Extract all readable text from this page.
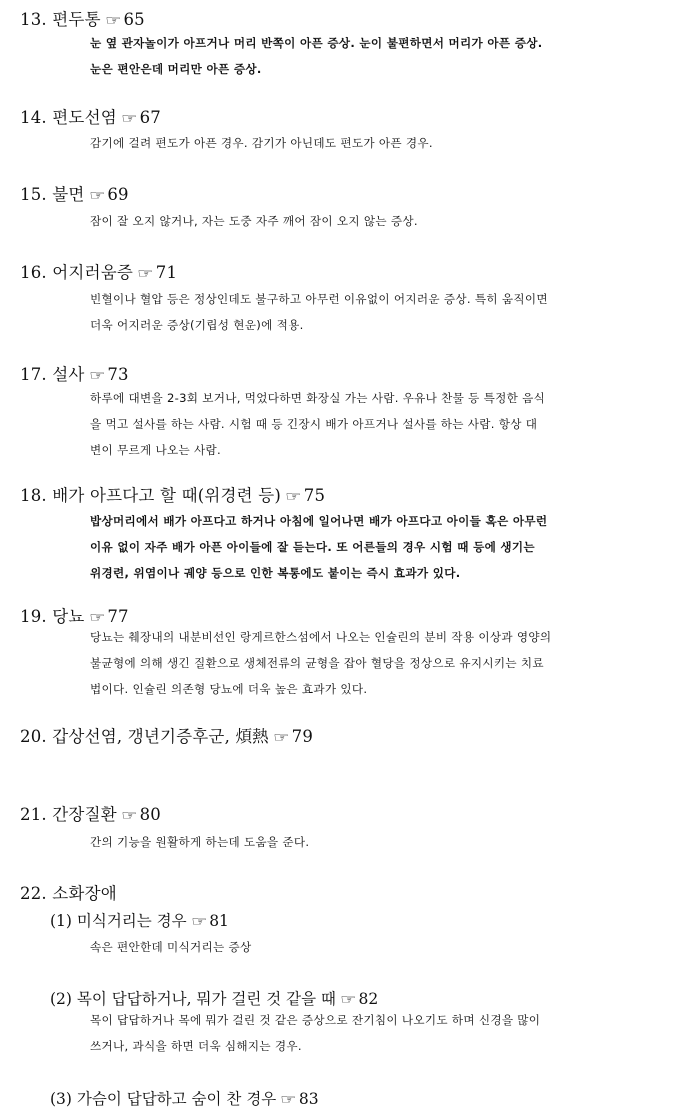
13. 편두통 ☞ 65
눈 옆 관자놀이가 아프거나 머리 반쪽이 아픈 증상. 눈이 불편하면서 머리가 아픈 증상.
눈은 편안은데 머리만 아픈 증상.
14. 편도선염 ☞ 67
감기에 걸려 편도가 아픈 경우. 감기가 아닌데도 편도가 아픈 경우.
15. 불면 ☞ 69
잠이 잘 오지 않거나, 자는 도중 자주 깨어 잠이 오지 않는 증상.
16. 어지러움증 ☞ 71
빈혈이나 혈압 등은 정상인데도 불구하고 아무런 이유없이 어지러운 증상. 특히 움직이면
더욱 어지러운 증상(기립성 현운)에 적용.
17. 설사 ☞ 73
하루에 대변을 2-3회 보거나, 먹었다하면 화장실 가는 사람. 우유나 찬물 등 특정한 음식
을 먹고 설사를 하는 사람. 시험 때 등 긴장시 배가 아프거나 설사를 하는 사람. 항상 대
변이 무르게 나오는 사람.
18. 배가 아프다고 할 때(위경련 등) ☞ 75
밥상머리에서 배가 아프다고 하거나 아침에 일어나면 배가 아프다고 아이들 혹은 아무런
이유 없이 자주 배가 아픈 아이들에 잘 듣는다. 또 어른들의 경우 시험 때 등에 생기는
위경련, 위염이나 궤양 등으로 인한 복통에도 붙이는 즉시 효과가 있다.
19. 당뇨 ☞ 77
당뇨는 췌장내의 내분비선인 랑게르한스섬에서 나오는 인슐린의 분비 작용 이상과 영양의
불균형에 의해 생긴 질환으로 생체전류의 균형을 잡아 혈당을 정상으로 유지시키는 치료
법이다. 인슐린 의존형 당뇨에 더욱 높은 효과가 있다.
20. 갑상선염, 갱년기증후군, 煩熱 ☞ 79
21. 간장질환 ☞ 80
간의 기능을 원활하게 하는데 도움을 준다.
22. 소화장애
(1) 미식거리는 경우 ☞ 81
속은 편안한데 미식거리는 증상
(2) 목이 답답하거나, 뭐가 걸린 것 같을 때 ☞ 82
목이 답답하거나 목에 뭐가 걸린 것 같은 증상으로 잔기침이 나오기도 하며 신경을 많이
쓰거나, 과식을 하면 더욱 심해지는 경우.
(3) 가슴이 답답하고 숨이 찬 경우 ☞ 83
